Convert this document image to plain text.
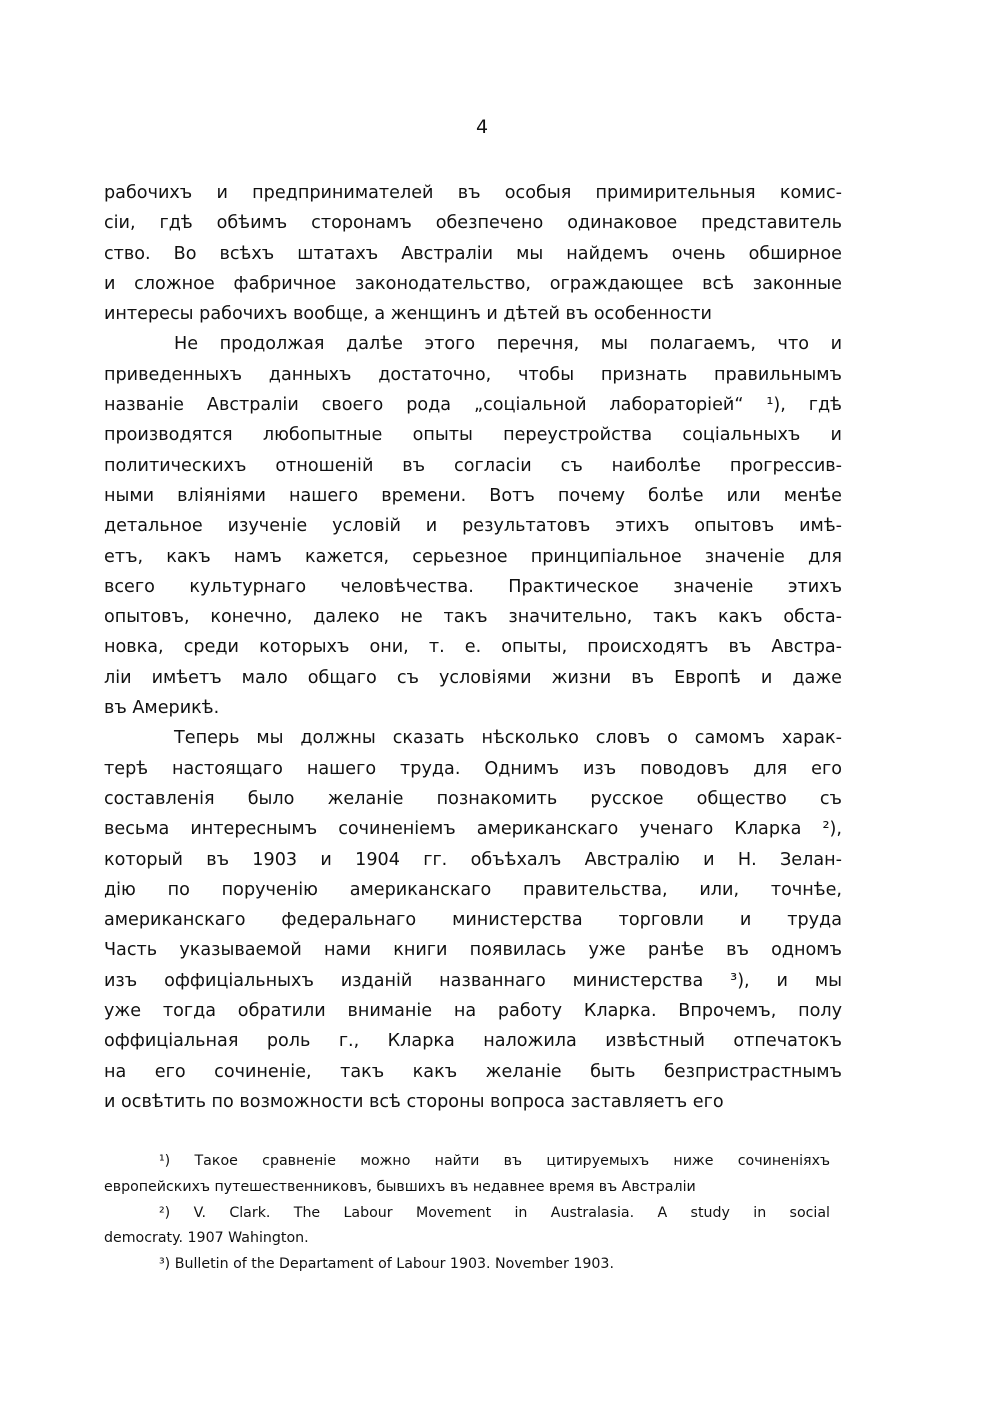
4
рабочихъ и предпринимателей въ особыя примирительныя комис-
сіи, гдѣ обѣимъ сторонамъ обезпечено одинаковое представитель
ство. Во всѣхъ штатахъ Австраліи мы найдемъ очень обширное
и сложное фабричное законодательство, ограждающее всѣ законные
интересы рабочихъ вообще, а женщинъ и дѣтей въ особенности
Не продолжая далѣе этого перечня, мы полагаемъ, что и
приведенныхъ данныхъ достаточно, чтобы признать правильнымъ
названіе Австраліи своего рода „соціальной лабораторіей“ ¹), гдѣ
производятся любопытные опыты переустройства соціальныхъ и
политическихъ отношеній въ согласіи съ наиболѣе прогрессив-
ными вліяніями нашего времени. Вотъ почему болѣе или менѣе
детальное изученіе условій и результатовъ этихъ опытовъ имѣ-
етъ, какъ намъ кажется, серьезное принципіальное значеніе для
всего культурнаго человѣчества. Практическое значеніе этихъ
опытовъ, конечно, далеко не такъ значительно, такъ какъ обста-
новка, среди которыхъ они, т. е. опыты, происходятъ въ Австра-
ліи имѣетъ мало общаго съ условіями жизни въ Европѣ и даже
въ Америкѣ.
Теперь мы должны сказать нѣсколько словъ о самомъ харак-
терѣ настоящаго нашего труда. Однимъ изъ поводовъ для его
составленія было желаніе познакомить русское общество съ
весьма интереснымъ сочиненіемъ американскаго ученаго Кларка ²),
который въ 1903 и 1904 гг. объѣхалъ Австралію и Н. Зелан-
дію по порученію американскаго правительства, или, точнѣе,
американскаго федеральнаго министерства торговли и труда
Часть указываемой нами книги появилась уже ранѣе въ одномъ
изъ оффиціальныхъ изданій названнаго министерства ³), и мы
уже тогда обратили вниманіе на работу Кларка. Впрочемъ, полу
оффиціальная роль г., Кларка наложила извѣстный отпечатокъ
на его сочиненіе, такъ какъ желаніе быть безпристрастнымъ
и освѣтить по возможности всѣ стороны вопроса заставляетъ его
¹) Такое сравненіе можно найти въ цитируемыхъ ниже сочиненіяхъ
европейскихъ путешественниковъ, бывшихъ въ недавнее время въ Австраліи
²) V. Clark. The Labour Movement in Australasia. A study in social
democraty. 1907 Wahington.
³) Bulletin of the Departament of Labour 1903. November 1903.
